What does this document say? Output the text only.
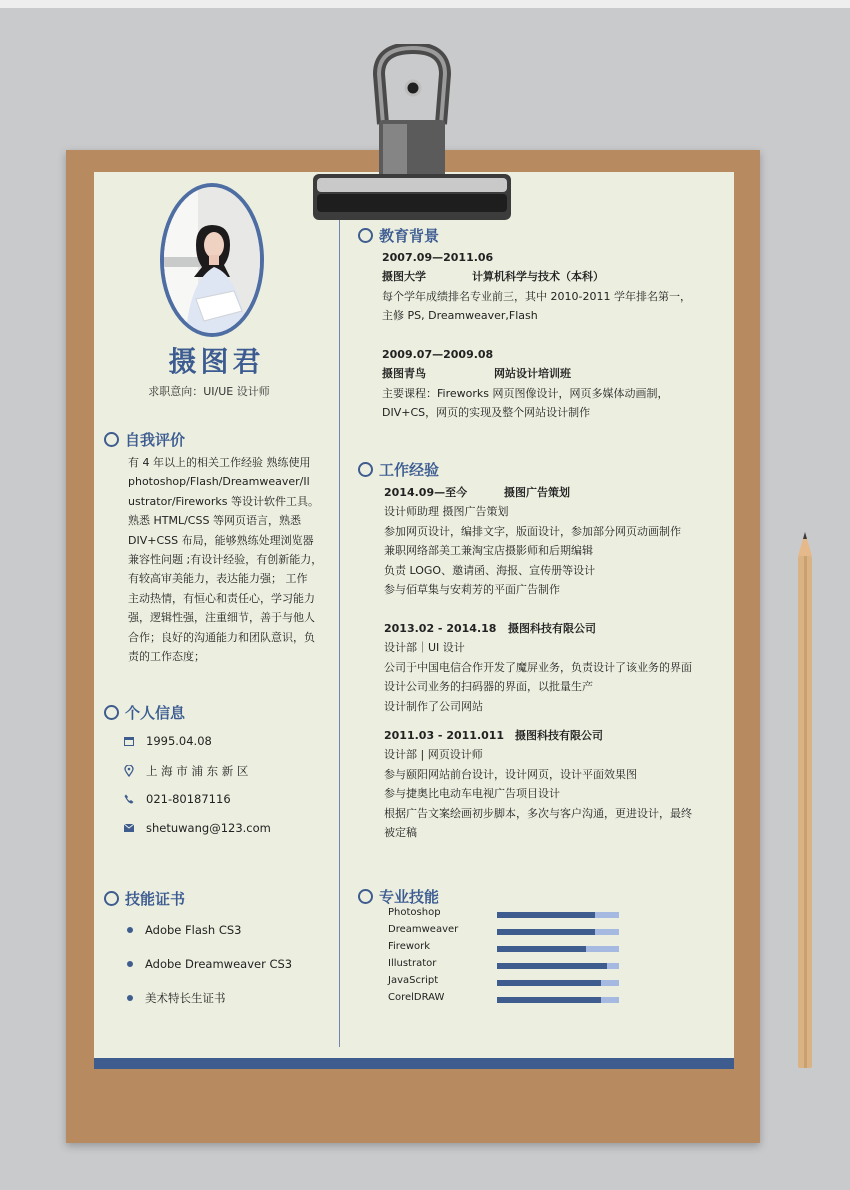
摄图君
求职意向：UI/UE 设计师
自我评价
有 4 年以上的相关工作经验 熟练使用
photoshop/Flash/Dreamweaver/Il
ustrator/Fireworks 等设计软件工具。
熟悉 HTML/CSS 等网页语言，熟悉
DIV+CSS 布局，能够熟练处理浏览器
兼容性问题 ;有设计经验，有创新能力，
有较高审美能力，表达能力强； 工作
主动热情，有恒心和责任心，学习能力
强，逻辑性强，注重细节，善于与他人
合作；良好的沟通能力和团队意识，负
责的工作态度；
个人信息
1995.04.08
上 海 市 浦 东 新 区
021-80187116
shetuwang@123.com
技能证书
Adobe Flash CS3
Adobe Dreamweaver CS3
美术特长生证书
教育背景
2007.09—2011.06
摄图大学	计算机科学与技术（本科）
每个学年成绩排名专业前三，其中 2010-2011 学年排名第一，
主修 PS, Dreamweaver,Flash
2009.07—2009.08
摄图青鸟	网站设计培训班
主要课程：Fireworks 网页图像设计，网页多媒体动画制，
DIV+CS，网页的实现及整个网站设计制作
工作经验
2014.09—至今	摄图广告策划
设计师助理 摄图广告策划
参加网页设计，编排文字，版面设计，参加部分网页动画制作
兼职网络部美工兼淘宝店摄影师和后期编辑
负责 LOGO、邀请函、海报、宣传册等设计
参与佰草集与安莉芳的平面广告制作
2013.02 - 2014.18 摄图科技有限公司
设计部｜UI 设计
公司于中国电信合作开发了魔屏业务，负责设计了该业务的界面
设计公司业务的扫码器的界面，以批量生产
设计制作了公司网站
2011.03 - 2011.011 摄图科技有限公司
设计部 | 网页设计师
参与颐阳网站前台设计，设计网页，设计平面效果图
参与捷奥比电动车电视广告项目设计
根据广告文案绘画初步脚本，多次与客户沟通，更进设计，最终
被定稿
专业技能
Photoshop
Dreamweaver
Firework
Illustrator
JavaScript
CorelDRAW
